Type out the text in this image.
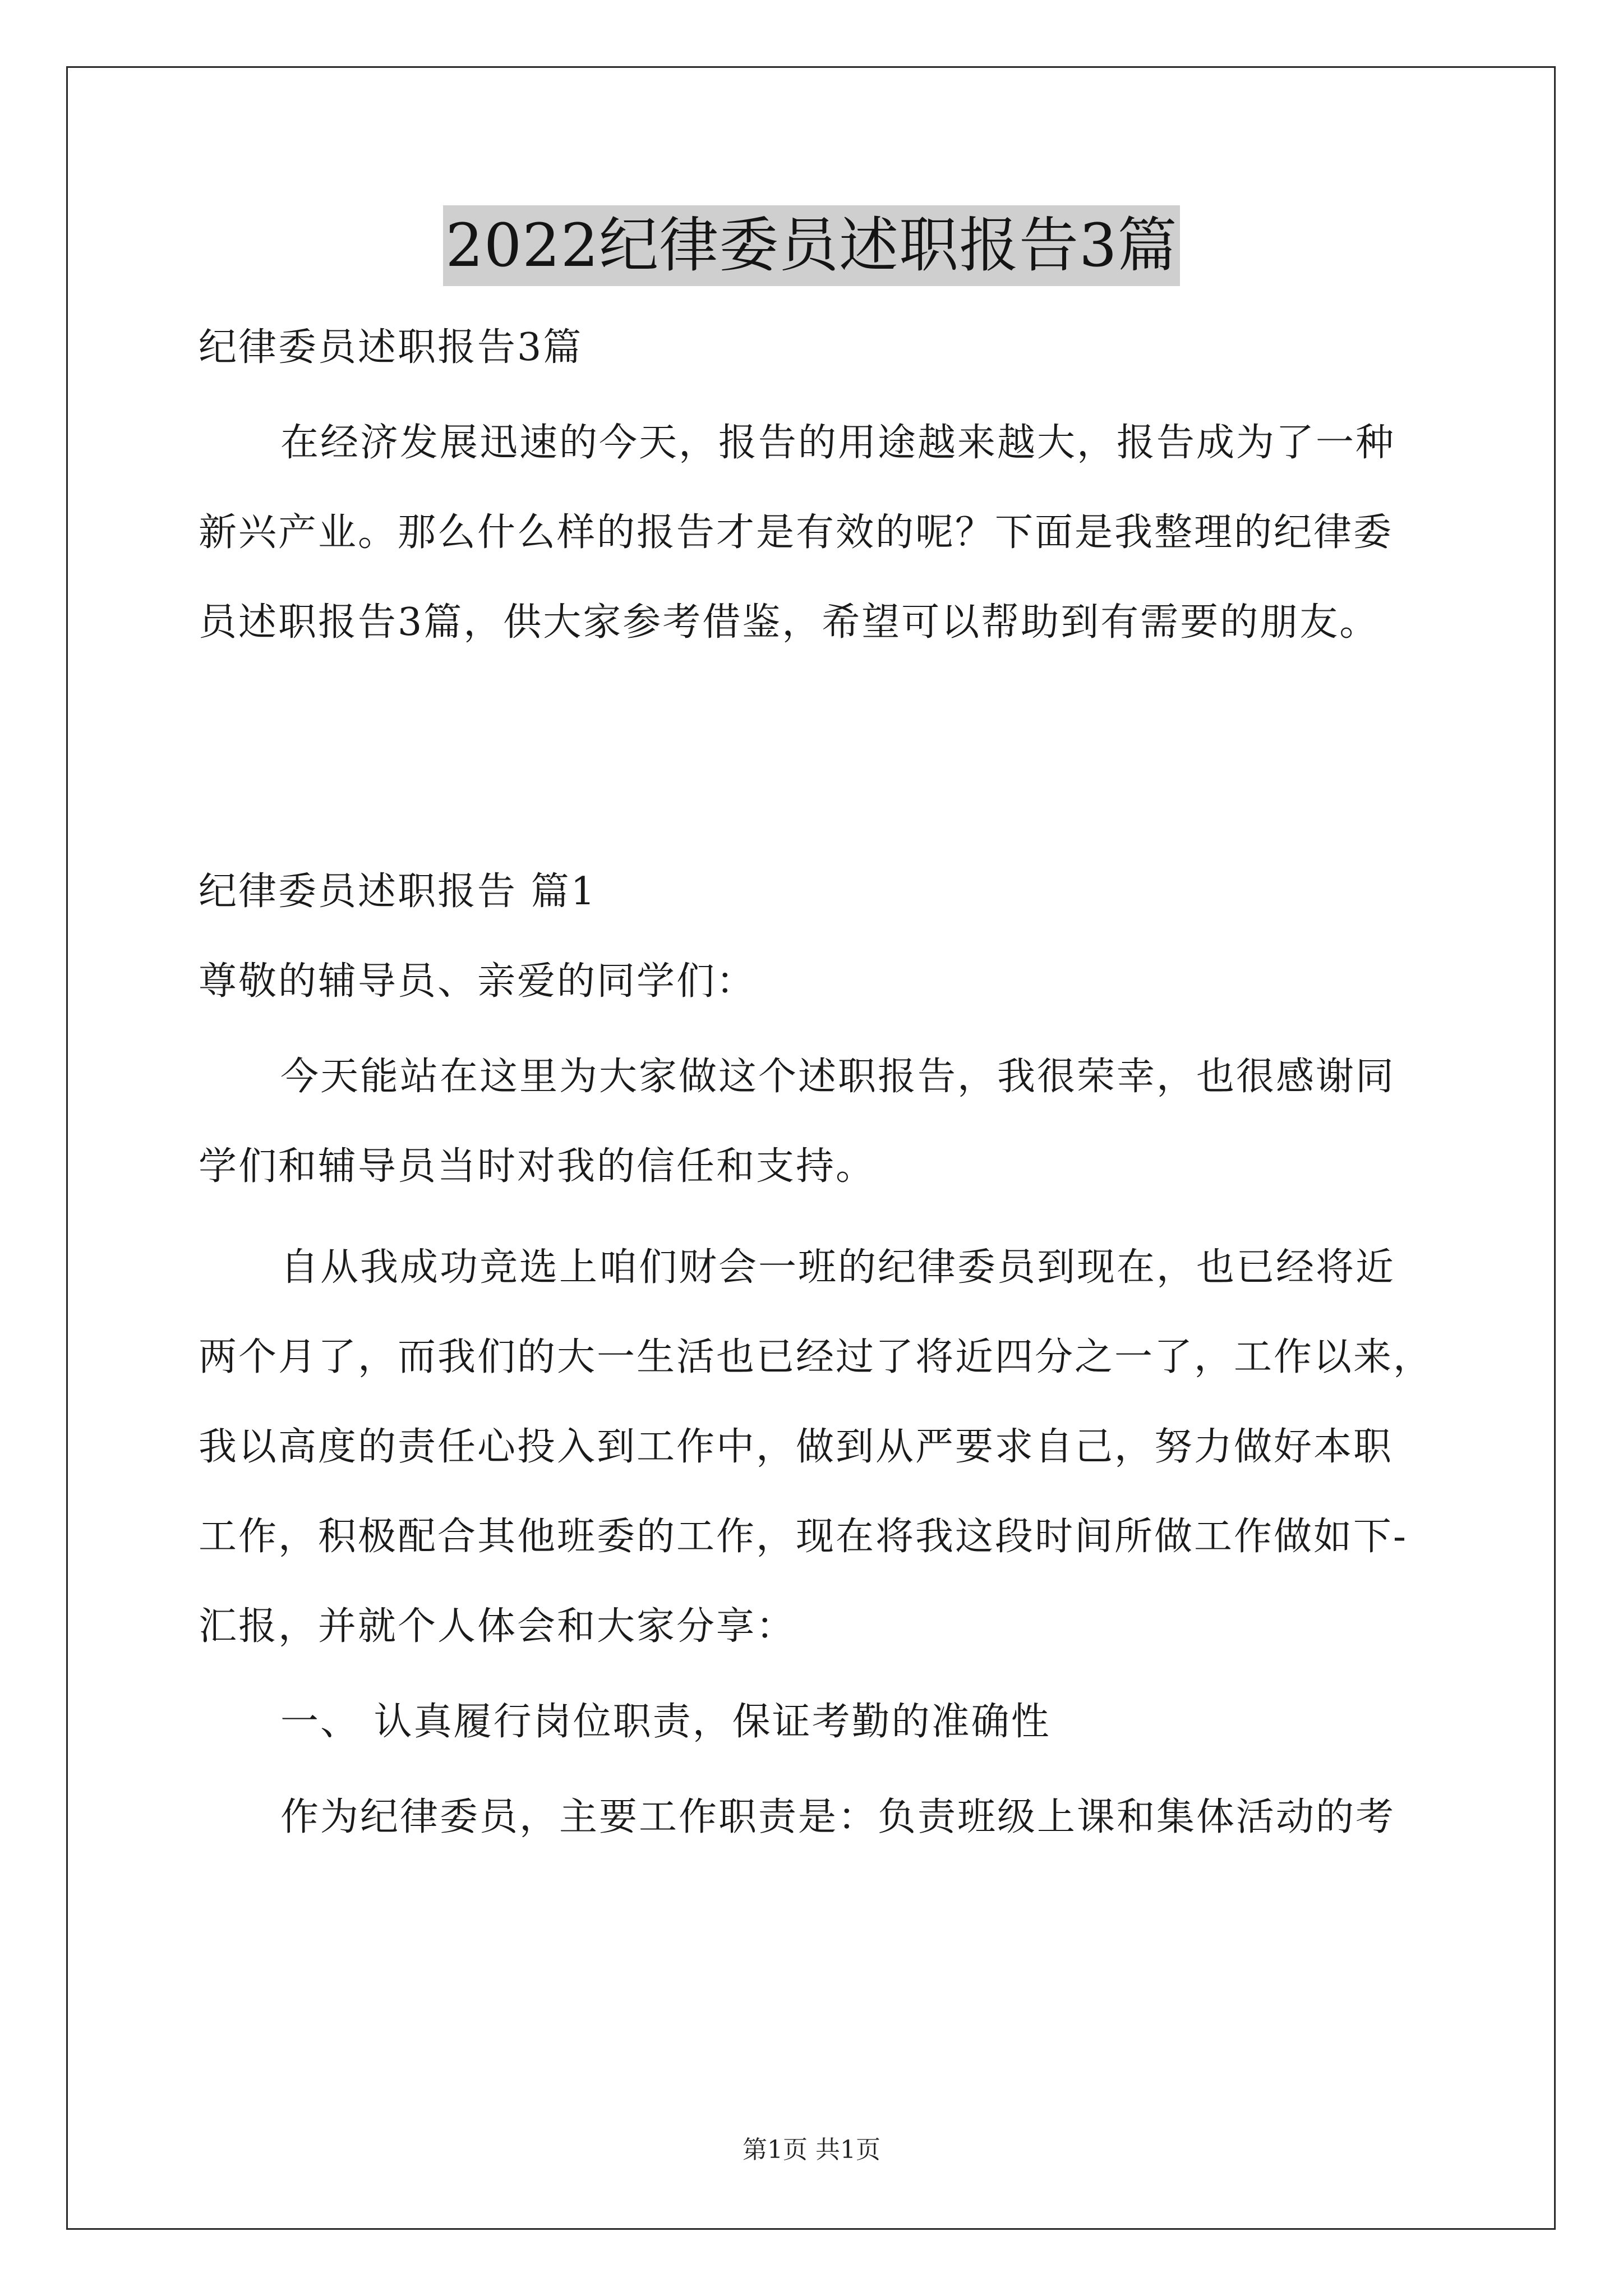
2022纪律委员述职报告3篇
纪律委员述职报告3篇
在经济发展迅速的今天，报告的用途越来越大，报告成为了一种
新兴产业。那么什么样的报告才是有效的呢？下面是我整理的纪律委
员述职报告3篇，供大家参考借鉴，希望可以帮助到有需要的朋友。
纪律委员述职报告 篇1
尊敬的辅导员、亲爱的同学们：
今天能站在这里为大家做这个述职报告，我很荣幸，也很感谢同
学们和辅导员当时对我的信任和支持。
自从我成功竞选上咱们财会一班的纪律委员到现在，也已经将近
两个月了，而我们的大一生活也已经过了将近四分之一了，工作以来，
我以高度的责任心投入到工作中，做到从严要求自己，努力做好本职
工作，积极配合其他班委的工作，现在将我这段时间所做工作做如下-
汇报，并就个人体会和大家分享：
一、 认真履行岗位职责，保证考勤的准确性
作为纪律委员，主要工作职责是：负责班级上课和集体活动的考
第1页 共1页
